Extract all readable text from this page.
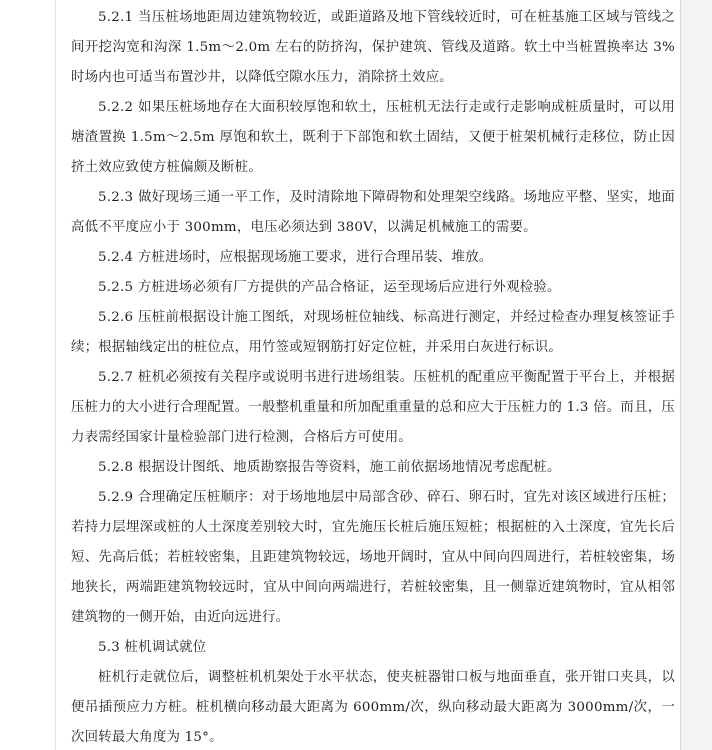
5.2.1 当压桩场地距周边建筑物较近，或距道路及地下管线较近时，可在桩基施工区域与管线之间开挖沟宽和沟深 1.5m～2.0m 左右的防挤沟，保护建筑、管线及道路。软土中当桩置换率达 3%时场内也可适当布置沙井，以降低空隙水压力，消除挤土效应。

5.2.2 如果压桩场地存在大面积较厚饱和软土，压桩机无法行走或行走影响成桩质量时，可以用塘渣置换 1.5m～2.5m 厚饱和软土，既利于下部饱和软土固结，又便于桩架机械行走移位，防止因挤土效应致使方桩偏颇及断桩。

5.2.3 做好现场三通一平工作，及时清除地下障碍物和处理架空线路。场地应平整、坚实，地面高低不平度应小于 300mm，电压必须达到 380V，以满足机械施工的需要。

5.2.4 方桩进场时，应根据现场施工要求，进行合理吊装、堆放。

5.2.5 方桩进场必须有厂方提供的产品合格证，运至现场后应进行外观检验。

5.2.6 压桩前根据设计施工图纸，对现场桩位轴线、标高进行测定，并经过检查办理复核签证手续；根据轴线定出的桩位点，用竹签或短钢筋打好定位桩，并采用白灰进行标识。

5.2.7 桩机必须按有关程序或说明书进行进场组装。压桩机的配重应平衡配置于平台上，并根据压桩力的大小进行合理配置。一般整机重量和所加配重重量的总和应大于压桩力的 1.3 倍。而且，压力表需经国家计量检验部门进行检测，合格后方可使用。

5.2.8 根据设计图纸、地质勘察报告等资料，施工前依据场地情况考虑配桩。

5.2.9 合理确定压桩顺序：对于场地地层中局部含砂、碎石、卵石时，宜先对该区域进行压桩；若持力层埋深或桩的人土深度差别较大时，宜先施压长桩后施压短桩；根据桩的入土深度，宜先长后短、先高后低；若桩较密集，且距建筑物较远，场地开阔时，宜从中间向四周进行，若桩较密集，场地狭长，两端距建筑物较远时，宜从中间向两端进行，若桩较密集，且一侧靠近建筑物时，宜从相邻建筑物的一侧开始，由近向远进行。

5.3 桩机调试就位

桩机行走就位后，调整桩机机架处于水平状态，使夹桩器钳口板与地面垂直，张开钳口夹具，以便吊插预应力方桩。桩机横向移动最大距离为 600mm/次，纵向移动最大距离为 3000mm/次，一次回转最大角度为 15°。
